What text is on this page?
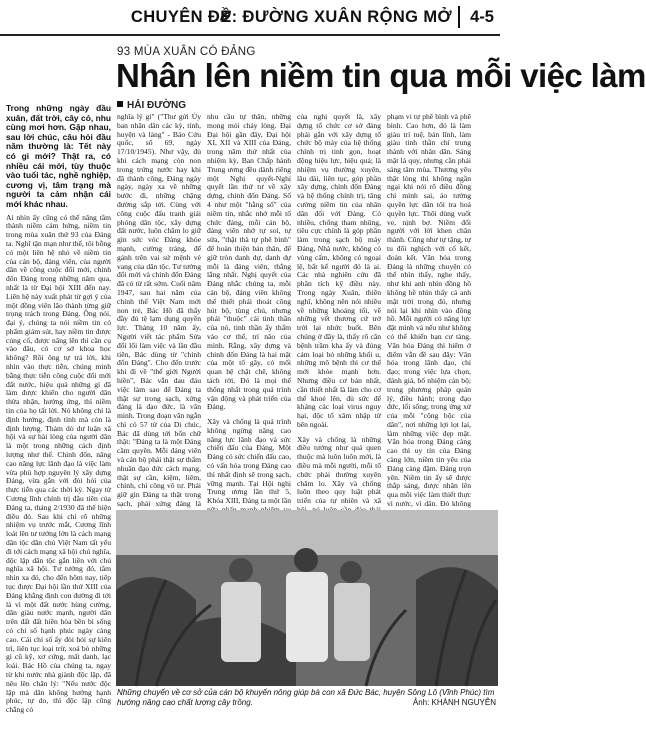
CHUYÊN ĐỀ: ĐƯỜNG XUÂN RỘNG MỞ 4-5
93 MÙA XUÂN CÓ ĐẢNG
Nhân lên niềm tin qua mỗi việc làm
HẢI ĐƯỜNG

Trong những ngày đầu xuân, đất trời, cây cỏ, nhu cùng mơi hơn. Gặp nhau, sau lời chúc, câu hỏi đầu năm thường là: Tết này có gì mới? Thật ra, có nhiều cái mới, tùy thuộc vào tuổi tác, nghề nghiệp, cương vị, tâm trạng mà người ta cảm nhận cái mới khác nhau.

Ai nhìn ấy cũng có thể nâng tầm thành niềm cảm hứng, niềm tin trong mùa xuân thứ 93 của Đảng ta. Nghĩ tận mạn như thế, tôi bỗng có một liên hệ nhỏ về niềm tin của cán bộ, đảng viên, của người dân về công cuộc đổi mới, chính đốn Đảng trong những năm qua, nhất là từ Đại hội XIII đến nay. Liên hệ này xuất phát từ gợi ý của một đồng viên lão thành từng giữ trọng trách trong Đảng. Ông nói, đại ý, chúng ta nói niềm tin có phẩm giám sút, hay niềm tin được củng cố, được nâng lên thì cần cụ vào đâu, có cơ sở khoa học không? Rồi ông tự trả lời, khi nhìn vào thực tiễn, chúng minh bằng thực tiễn công cuộc đổi mới đất nước, hiệu quả những gì đã làm được khiến cho người dân thừa nhận, hưởng ứng, thì niềm tin của họ tất lời. Nó không chỉ là định hướng, định tính mà còn là định lượng. Thảm dò dư luận xã hội và sự hài lòng của người dân là một trong những cách định lượng như thế. Chỉnh đốn, nâng cao năng lực lãnh đạo là việc làm vừa phù hợp nguyên lý xây dựng Đảng, vừa gắn với đòi hỏi của thực tiễn qua các thời kỳ. Ngay từ Cương lĩnh chính trị đầu tiên của Đảng ta, tháng 2/1930 đã thể hiện điều đó. Sau khi chỉ rõ những nhiệm vụ trước mắt, Cương lĩnh loát lên tư tưởng lớn là cách mạng dân tộc dân chủ Việt Nam tất yếu đi tới cách mạng xã hội chủ nghĩa, độc lập dân tộc gắn liền với chủ nghĩa xã hội. Tư tưởng đó, tầm nhìn xa đó, cho đến hôm nay, tiếp tục được Đại hội lần thứ XIII của Đảng khẳng định con đường đi tới là vì một đất nước hùng cường, dân giàu nước mạnh, người dân trên đất đất hiền hòa bền bỉ sống có chỉ số hạnh phúc ngày càng cao. Cái chỉ số ấy đòi hỏi sự kiên trì, liên tục loại trừ, xoá bỏ những gì cũ kỹ, xơ cứng, mất danh, lạc loài. Bác Hồ của chúng ta, ngay từ khi nước nhà giành độc lập, đã nêu lên chân lý: "Nếu nước độc lập mà dân không hưởng hạnh phúc, tự do, thì độc lập cũng chẳng có

nghĩa lý gì" ("Thư gửi Ủy ban nhân dân các kỳ, tỉnh, huyện và làng" - Báo Cứu quốc, số 69, ngày 17/10/1945). Như vậy, đủ khi cách mạng còn non trong trứng nước hay khi đã thành công, Đảng ngày ngày, ngày xa về những bước đi, những chặng đường sắp tới. Cùng với công cuộc đấu tranh giải phóng dân tộc, xây dựng đất nước, luôn chăm lo giữ gìn sức vóc Đảng khỏe mạnh, cường tráng, để gánh trên vai sứ mệnh vẻ vang của dân tộc. Tư tưởng đổi mới và chỉnh đốn Đảng đã có từ rất sớm. Cuối năm 1947, sau hai năm của chính thể Việt Nam mới non trẻ, Bác Hồ đã thấy đầy đủ tệ lạm dụng quyền lực. Tháng 10 năm ấy, Người viết tác phẩm Sửa đổi lối làm việc và lần đầu tiên, Bác dùng từ "chỉnh đốn Đảng". Cho đến trước khi đi về "thế giới Người hiền", Bác vẫn dau đáu việc làm sao để Đảng ta thật sự trong sạch, xứng đáng là đạo đức, là văn minh. Trong đoạn văn ngắn chỉ có 57 từ của Di chúc, Bác đã dùng tới bốn chữ thật: "Đảng ta là một Đảng cầm quyền. Mỗi đảng viên và cán bộ phải thật sự thấm nhuần đạo đức cách mạng, thật sự cần, kiệm, liêm, chính, chí công vô tư. Phải giữ gìn Đảng ta thật trong sạch, phải xứng đáng là

nhu cầu tự thân, những mong mỏi cháy lòng. Đại Đại hội gần đây, Đại hội XI, XII và XIII của Đảng, trong năm thứ nhất của nhiệm kỳ, Ban Chấp hành Trung ương đều dành riêng một Nghị quyết-Nghị quyết lần thứ tư về xây dựng, chỉnh đốn Đảng. Số 4 như một "hằng số" của niềm tin, nhắc nhở mỗi tổ chức đảng, mỗi cán bộ, đảng viên nhớ tự soi, tự sửa, "thật thà tự phê bình" để hoàn thiện bản thân, để giữ tròn danh dự, danh dự mỗi là đảng viên, thắng lắng nhất. Nghị quyết của Đảng nhắc chúng ta, mỗi cán bộ, đảng viên không thể thiết phải thoát công hút bộ, tùng chủ, nhưng phải "thuộc" cái tinh thần của nó, tinh thần ấy thấm vào cơ thể, trí não của mình. Rằng, xây dựng và chỉnh đốn Đảng là hai mặt của một tổ gây, có mối quan hệ chặt chẽ, không tách rời. Đó là mọi thể thống nhất trong quá trình vận động và phát triển của Đảng.

Xây và chống là quá trình không ngừng nâng cao năng lực lãnh đạo và sức chiến đấu của Đảng. Một Đảng có sức chiến đấu cao, có vấn hóa trong Đảng cao thì nhất định sẽ trong sạch, vững mạnh. Tại Hội nghị Trung ương lần thứ 5, Khóa XIII, Đảng ta một lần

của nghị quyết là, xây dựng tổ chức cơ sở đảng phải gắn với xây dựng tổ chức bộ máy của hệ thống chính trị tinh gọn, hoạt động hiệu lực, hiệu quả; là nhiệm vụ thường xuyên, lâu dài, liên tục, góp phần xây dựng, chỉnh đốn Đảng và hệ thống chính trị, tăng cường niềm tin của nhân dân đối với Đảng. Có nhiều, chống tham nhũng, tiêu cực chính là góp phần làm trong sạch bộ máy Đảng, Nhà nước, không có vùng cấm, không có ngoại lệ, bất kể người đó là ai. Các nhà nghiên cứu đã phân tích kỹ điều này. Trong ngày Xuân, thiền nghĩ, không nên nói nhiều về những khoảng tối, về những vết thương cứ trở trời lại nhức buốt. Bên chúng ở đây là, thấy rõ căn bệnh trầm kha ấy và đúng cảm loại bỏ những khối u, những mô bệnh thì cơ thể mới khỏe mạnh hơn. Nhưng điều cơ bản nhất, cần thiết nhất là làm cho cơ thể khoẻ lên, đủ sức để kháng các loại virus nguy hại, độc tố xâm nhập từ bên ngoài.

Xây và chống là những điều tưởng như quá quen thuộc mà luôn luôn mới, là điều mà mỗi người, mỗi tổ chức phải thường xuyên chăm lo. Xây và chống luôn theo quy luật phát triển của tự nhiên và xã

phạm vi tự phê bình và phê bình. Cao hơn, đó là làm giàu trí tuệ, bản lĩnh, làm giàu tinh thần chí trung thành với nhân dân. Sáng mặt lá quy, nhưng cần phải sáng tâm mùa. Thương yêu thật lòng thì không ngần ngại khi nói rõ điều đồng chí mình sai, áo tưởng quyền lực dân tôi tra hoá quyền lực. Thôi dùng vuốt ve, nịnh bợ. Niềm đối người với lời khen chân thành. Cũng như tự tặng, tự tu đối nghịch với cố kết, đoàn kết. Văn hóa trong Đảng là những chuyện có thể nhìn thấy, nghe thấy, như khi anh nhìn đồng hồ không hề nhìn thấy cả anh mặt trời trong đó, nhưng nói lại khi nhìn vào đồng hồ. Mỗi người có năng lực đặt mình và nếu như không có thể khiến bạn cư tàng. Văn hóa Đảng thì hiểm ở điểm vẫn đề sau đây: Văn hóa trong lãnh đạo, chỉ đạo; trong việc lựa chọn, đánh giá, bố nhiệm cán bộ; trong phương pháp quản lý, điều hành; trong đạo đức, lối sống; trong ứng xử của mỗi "công bộc của dân", nơi những lợi lọt lại, làm những việc đẹp mặt. Văn hóa trong Đảng càng cao thì uy tín của Đảng càng lớn, niềm tin yêu của Đảng càng đậm. Đảng trọn yên. Niềm tin ấy sẽ được thắp sáng, được nhân lên qua mỗi việc làm thiết thực vì nước, vì dân. Đó không

Những chuyến về cơ sở của cán bộ khuyến nông giúp bà con xã Đức Bác, huyện Sông Lô (Vĩnh Phúc) tìm hướng nâng cao chất lượng cây trồng.	Ảnh: KHÁNH NGUYỄN
